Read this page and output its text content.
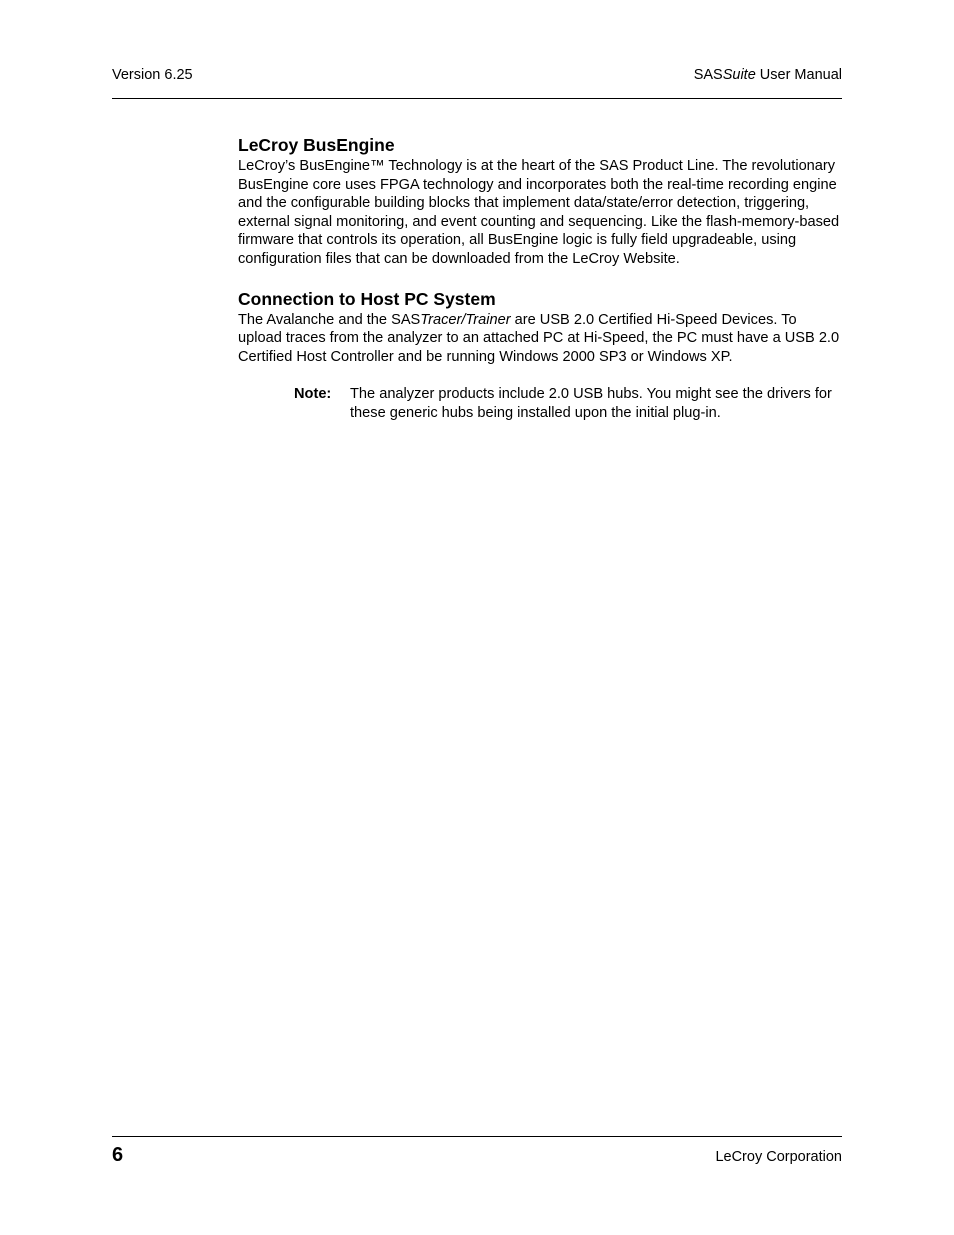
Version 6.25	SASSuite User Manual
LeCroy BusEngine

LeCroy’s BusEngine™ Technology is at the heart of the SAS Product Line. The revolutionary BusEngine core uses FPGA technology and incorporates both the real-time recording engine and the configurable building blocks that implement data/state/error detection, triggering, external signal monitoring, and event counting and sequencing. Like the flash-memory-based firmware that controls its operation, all BusEngine logic is fully field upgradeable, using configuration files that can be downloaded from the LeCroy Website.

Connection to Host PC System

The Avalanche and the SASTracer/Trainer are USB 2.0 Certified Hi-Speed Devices. To upload traces from the analyzer to an attached PC at Hi-Speed, the PC must have a USB 2.0 Certified Host Controller and be running Windows 2000 SP3 or Windows XP.

Note:	The analyzer products include 2.0 USB hubs. You might see the drivers for these generic hubs being installed upon the initial plug-in.
6	LeCroy Corporation
